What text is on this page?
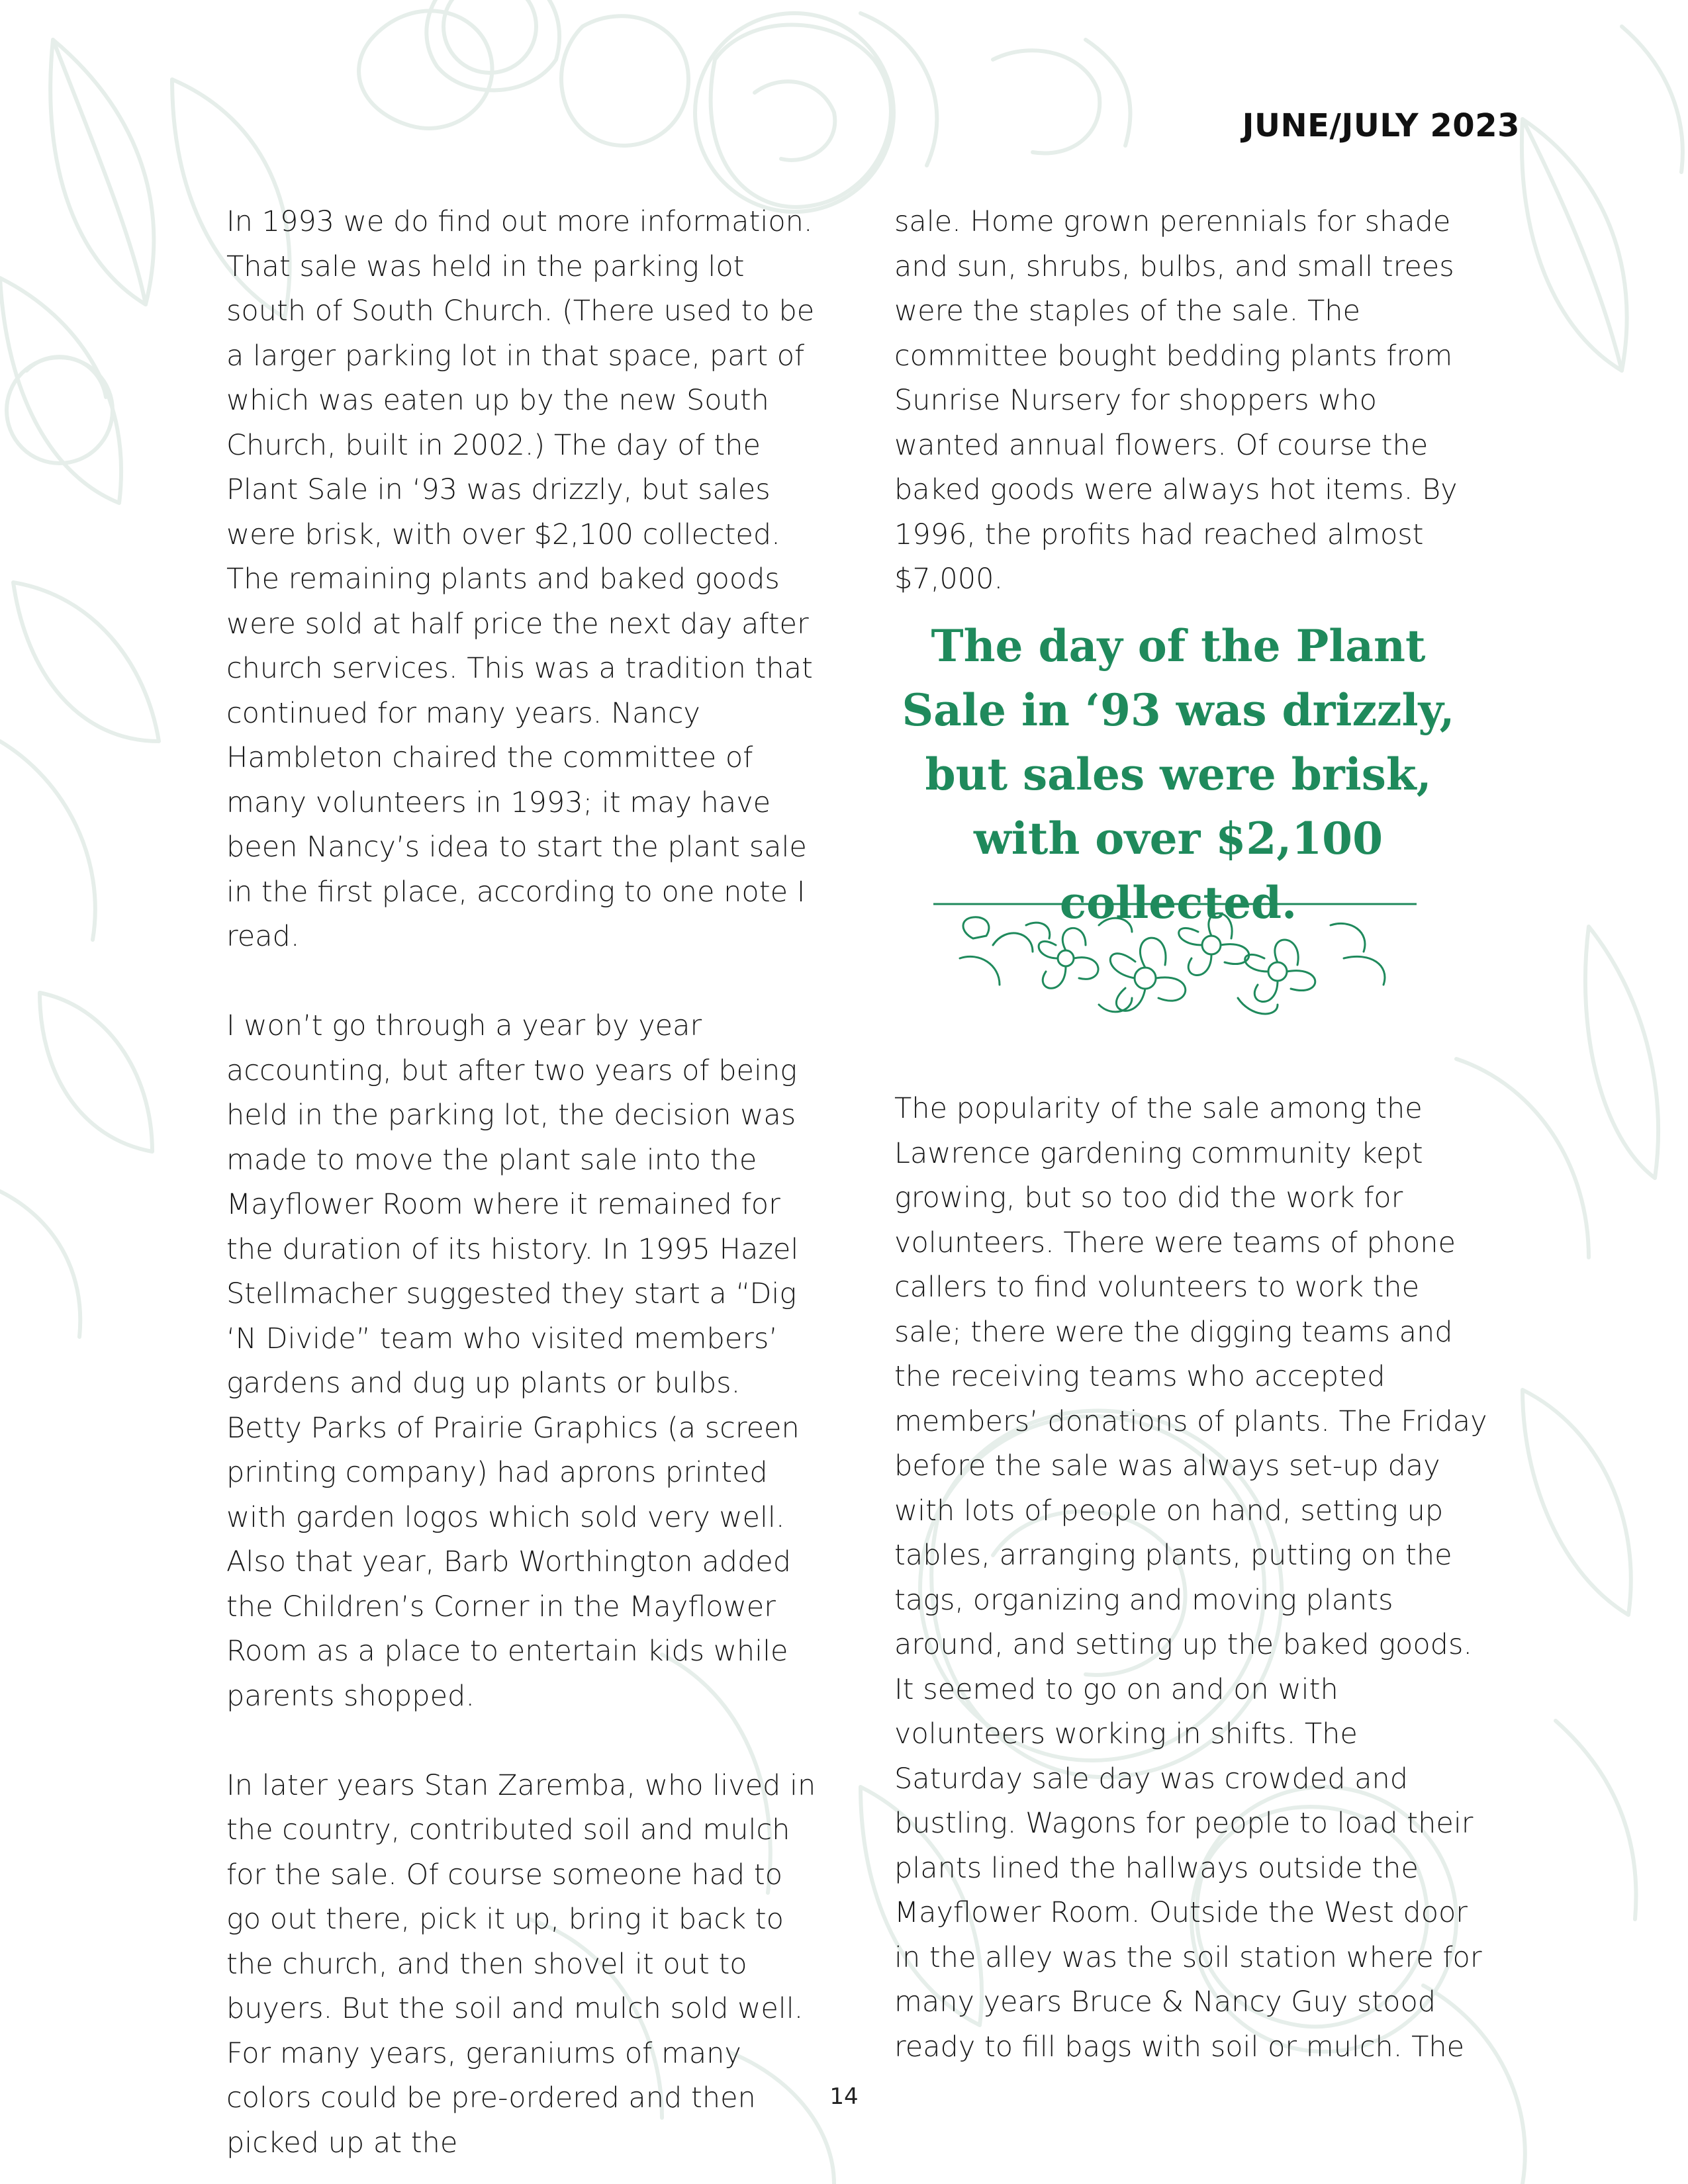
JUNE/JULY 2023

In 1993 we do find out more information. That sale was held in the parking lot south of South Church. (There used to be a larger parking lot in that space, part of which was eaten up by the new South Church, built in 2002.) The day of the Plant Sale in ‘93 was drizzly, but sales were brisk, with over $2,100 collected. The remaining plants and baked goods were sold at half price the next day after church services. This was a tradition that continued for many years. Nancy Hambleton chaired the committee of many volunteers in 1993; it may have been Nancy’s idea to start the plant sale in the first place, according to one note I read.

I won’t go through a year by year accounting, but after two years of being held in the parking lot, the decision was made to move the plant sale into the Mayflower Room where it remained for the duration of its history. In 1995 Hazel Stellmacher suggested they start a “Dig ‘N Divide” team who visited members’ gardens and dug up plants or bulbs. Betty Parks of Prairie Graphics (a screen printing company) had aprons printed with garden logos which sold very well. Also that year, Barb Worthington added the Children’s Corner in the Mayflower Room as a place to entertain kids while parents shopped.

In later years Stan Zaremba, who lived in the country, contributed soil and mulch for the sale. Of course someone had to go out there, pick it up, bring it back to the church, and then shovel it out to buyers. But the soil and mulch sold well. For many years, geraniums of many colors could be pre-ordered and then picked up at the

sale. Home grown perennials for shade and sun, shrubs, bulbs, and small trees were the staples of the sale. The committee bought bedding plants from Sunrise Nursery for shoppers who wanted annual flowers. Of course the baked goods were always hot items. By 1996, the profits had reached almost $7,000.

The day of the Plant Sale in ‘93 was drizzly, but sales were brisk, with over $2,100 collected.

The popularity of the sale among the Lawrence gardening community kept growing, but so too did the work for volunteers. There were teams of phone callers to find volunteers to work the sale; there were the digging teams and the receiving teams who accepted members’ donations of plants. The Friday before the sale was always set-up day with lots of people on hand, setting up tables, arranging plants, putting on the tags, organizing and moving plants around, and setting up the baked goods. It seemed to go on and on with volunteers working in shifts. The Saturday sale day was crowded and bustling. Wagons for people to load their plants lined the hallways outside the Mayflower Room. Outside the West door in the alley was the soil station where for many years Bruce & Nancy Guy stood ready to fill bags with soil or mulch. The

14
